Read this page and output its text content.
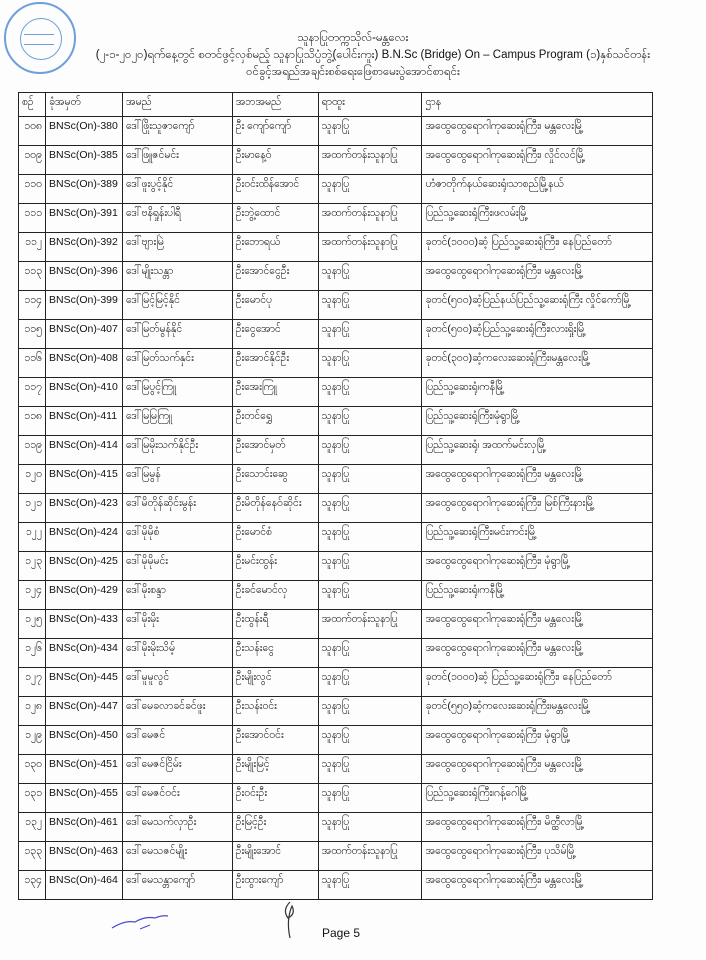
သူနာပြုတက္ကသိုလ်-မန္တလေး
(၂-၁-၂၀၂၀)ရက်နေ့တွင် စတင်ဖွင့်လှစ်မည့် သူနာပြုသိပ္ပံဘွဲ့(ပေါင်းကူး) B.N.Sc (Bridge) On – Campus Program (၁)နှစ်သင်တန်း
ဝင်ခွင့်အရည်အချင်းစစ်ရေးဖြေစာမေးပွဲအောင်စာရင်း
စဉ်	ခုံအမှတ်	အမည်	အဘအမည်	ရာထူး	ဌာန
၁၀၈	BNSc(On)-380	ဒေါ်ဖြိုးသူဇာကျော်	ဦး ကျော်ကျော်	သူနာပြု	အထွေထွေရောဂါကုဆေးရုံကြီး၊ မန္တလေးမြို့
၁၀၉	BNSc(On)-385	ဒေါ်ဖြူဇင်မင်း	ဦးမာနေ့ဝ်	အထက်တန်းသူနာပြု	အထွေထွေရောဂါကုဆေးရုံကြီး၊ လှိုင်လင်မြို့
၁၁၀	BNSc(On)-389	ဒေါ်ဖူးပွင့်နိုင်	ဦးဝင်းထိန်အောင်	သူနာပြု	ဟံဇာတိုက်နယ်ဆေးရုံ၊သာစည်မြို့နယ်
၁၁၁	BNSc(On)-391	ဒေါ်ဗနိရှုန်းပါရီ	ဦးဘွဲ့ထောင်	အထက်တန်းသူနာပြု	ပြည်သူ့ဆေးရုံကြီး၊ဖလမ်းမြို့
၁၁၂	BNSc(On)-392	ဒေါ်ဗျားမြဲ	ဦးဘောရယ်	အထက်တန်းသူနာပြု	ခုတင်(၁၀၀၀)ဆံ့ ပြည်သူ့ဆေးရုံကြီး၊ နေပြည်တော်
၁၁၃	BNSc(On)-396	ဒေါ်မျိုးသန္တာ	ဦးအောင်ငွေဦး	သူနာပြု	အထွေထွေရောဂါကုဆေးရုံကြီး၊ မန္တလေးမြို့
၁၁၄	BNSc(On)-399	ဒေါ်မြင့်မြင့်နိုင်	ဦးမောင်ပု	သူနာပြု	ခုတင်(၅၀၀)ဆံ့ပြည်နယ်ပြည်သူ့ဆေးရုံကြီး လှိုင်ကော်မြို့
၁၁၅	BNSc(On)-407	ဒေါ်မြတ်မွန်နိုင်	ဦးငွေအောင်	သူနာပြု	ခုတင်(၅၀၀)ဆံ့ပြည်သူ့ဆေးရုံကြီး၊လားရှိုးမြို့
၁၁၆	BNSc(On)-408	ဒေါ်မြတ်သက်နှင်း	ဦးအောင်နိုင်ဦး	သူနာပြု	ခုတင်(၃၀၀)ဆံ့ကလေးဆေးရုံကြီး၊မန္တလေးမြို့
၁၁၇	BNSc(On)-410	ဒေါ်မြပွင့်ကြူ	ဦးအေးကြူ	သူနာပြု	ပြည်သူ့ဆေးရုံ၊ကနီမြို့
၁၁၈	BNSc(On)-411	ဒေါ်မြမြကြူ	ဦးတင်ရွှေ	သူနာပြု	ပြည်သူ့ဆေးရုံကြီး၊မုံရွာမြို့
၁၁၉	BNSc(On)-414	ဒေါ်မြမိုးသက်နိုင်ဦး	ဦးအောင်မှတ်	သူနာပြု	ပြည်သူ့ဆေးရုံ၊ အထက်မင်းလှမြို့
၁၂၀	BNSc(On)-415	ဒေါ်မြမွန်	ဦးသောင်းဆွေ	သူနာပြု	အထွေထွေရောဂါကုဆေးရုံကြီး၊ မန္တလေးမြို့
၁၂၁	BNSc(On)-423	ဒေါ်မိတိုန်ဆိုင်းမွန်း	ဦးမိတိုန်နေဝ်ဆိုင်း	သူနာပြု	အထွေထွေရောဂါကုဆေးရုံကြီး၊ မြစ်ကြီးနားမြို့
၁၂၂	BNSc(On)-424	ဒေါ်မိုမိုစံ	ဦးမောင်စံ	သူနာပြု	ပြည်သူ့ဆေးရုံကြီး၊မင်းကင်းမြို့
၁၂၃	BNSc(On)-425	ဒေါ်မိုမိုမင်း	ဦးမင်းထွန်း	သူနာပြု	အထွေထွေရောဂါကုဆေးရုံကြီး၊ မုံရွာမြို့
၁၂၄	BNSc(On)-429	ဒေါ်မိုးစန္ဒာ	ဦးခင်မောင်လှ	သူနာပြု	ပြည်သူ့ဆေးရုံ၊ကနီမြို့
၁၂၅	BNSc(On)-433	ဒေါ်မိုးမိုး	ဦးထွန်းရီ	အထက်တန်းသူနာပြု	အထွေထွေရောဂါကုဆေးရုံကြီး၊ မန္တလေးမြို့
၁၂၆	BNSc(On)-434	ဒေါ်မိုးမိုးသိမ့်	ဦးသန်းငွေ	သူနာပြု	အထွေထွေရောဂါကုဆေးရုံကြီး၊ မန္တလေးမြို့
၁၂၇	BNSc(On)-445	ဒေါ်မူမူလွင်	ဦးမျိုးလွင်	သူနာပြု	ခုတင်(၁၀၀၀)ဆံ့ ပြည်သူ့ဆေးရုံကြီး၊ နေပြည်တော်
၁၂၈	BNSc(On)-447	ဒေါ်မေခလာခင်ခင်ဖူး	ဦးသန်းဝင်း	သူနာပြု	ခုတင်(၅၅၀)ဆံ့ကလေးဆေးရုံကြီး၊မန္တလေးမြို့
၁၂၉	BNSc(On)-450	ဒေါ်မေဇင်	ဦးအောင်ဝင်း	သူနာပြု	အထွေထွေရောဂါကုဆေးရုံကြီး၊ မုံရွာမြို့
၁၃၀	BNSc(On)-451	ဒေါ်မေဇင်ငြိမ်း	ဦးမျိုးမြင့်	သူနာပြု	အထွေထွေရောဂါကုဆေးရုံကြီး၊ မန္တလေးမြို့
၁၃၁	BNSc(On)-455	ဒေါ်မေဇင်ဝင်း	ဦးဝင်းဦး	သူနာပြု	ပြည်သူ့ဆေးရုံကြီး၊ဂန့်ဂေါမြို့
၁၃၂	BNSc(On)-461	ဒေါ်မေသက်လှာဦး	ဦးမြင့်ဦး	သူနာပြု	အထွေထွေရောဂါကုဆေးရုံကြီး၊ မိတ္ထီလာမြို့
၁၃၃	BNSc(On)-463	ဒေါ်မေသဇင်မျိုး	ဦးမျိုးအောင်	အထက်တန်းသူနာပြု	အထွေထွေရောဂါကုဆေးရုံကြီး၊ ပုသိမ်မြို့
၁၃၄	BNSc(On)-464	ဒေါ်မေသန္တာကျော်	ဦးထွားကျော်	သူနာပြု	အထွေထွေရောဂါကုဆေးရုံကြီး၊ မန္တလေးမြို့
Page 5
